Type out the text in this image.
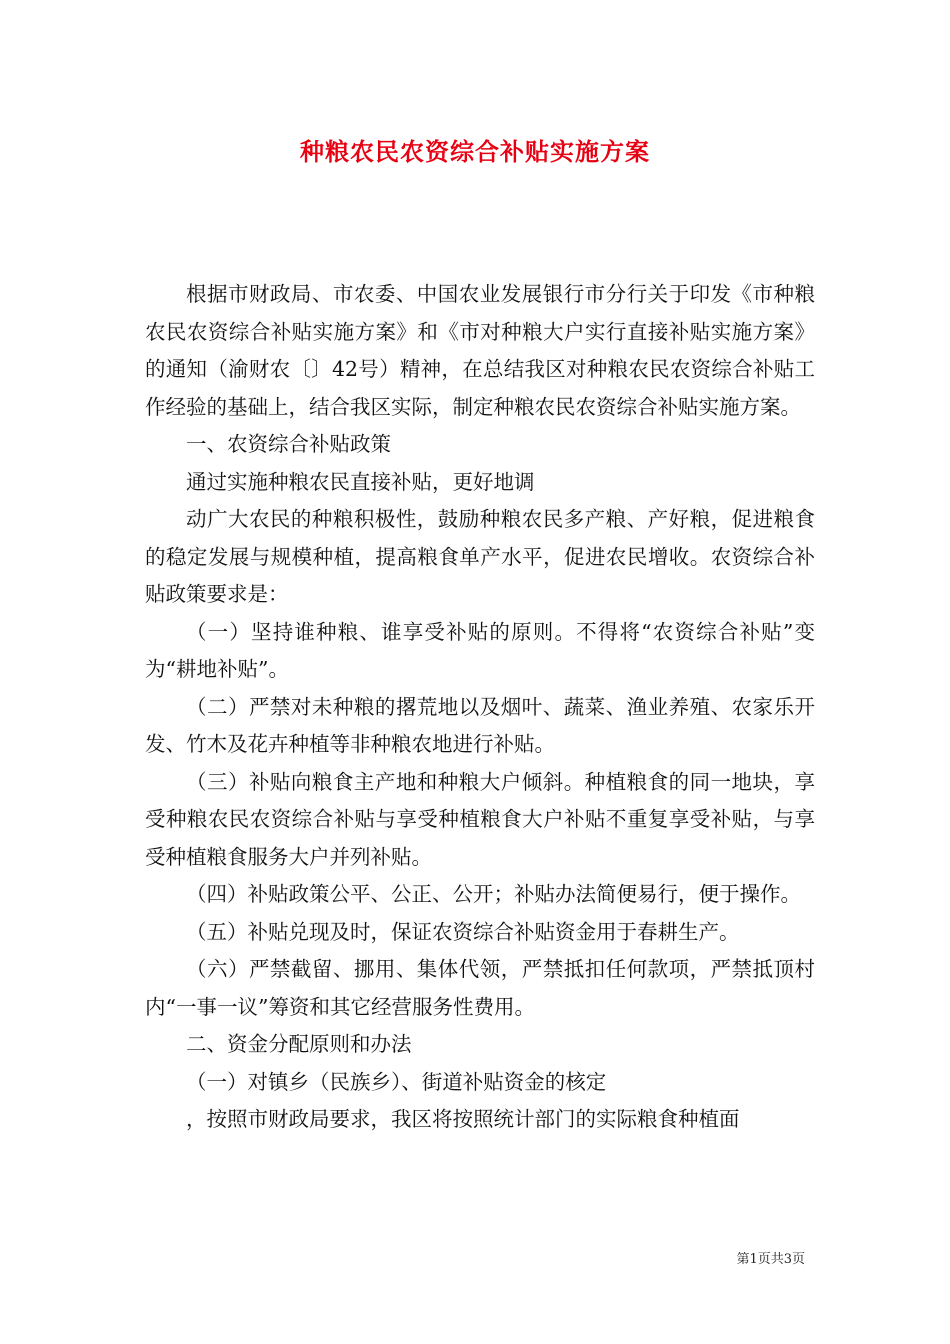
种粮农民农资综合补贴实施方案

根据市财政局、市农委、中国农业发展银行市分行关于印发《市种粮农民农资综合补贴实施方案》和《市对种粮大户实行直接补贴实施方案》的通知（渝财农〔〕42号）精神，在总结我区对种粮农民农资综合补贴工作经验的基础上，结合我区实际，制定种粮农民农资综合补贴实施方案。

一、农资综合补贴政策

通过实施种粮农民直接补贴，更好地调

动广大农民的种粮积极性，鼓励种粮农民多产粮、产好粮，促进粮食的稳定发展与规模种植，提高粮食单产水平，促进农民增收。农资综合补贴政策要求是：

（一）坚持谁种粮、谁享受补贴的原则。不得将“农资综合补贴”变为“耕地补贴”。

（二）严禁对未种粮的撂荒地以及烟叶、蔬菜、渔业养殖、农家乐开发、竹木及花卉种植等非种粮农地进行补贴。

（三）补贴向粮食主产地和种粮大户倾斜。种植粮食的同一地块，享受种粮农民农资综合补贴与享受种植粮食大户补贴不重复享受补贴，与享受种植粮食服务大户并列补贴。

（四）补贴政策公平、公正、公开；补贴办法简便易行，便于操作。

（五）补贴兑现及时，保证农资综合补贴资金用于春耕生产。

（六）严禁截留、挪用、集体代领，严禁抵扣任何款项，严禁抵顶村内“一事一议”筹资和其它经营服务性费用。

二、资金分配原则和办法

（一）对镇乡（民族乡）、街道补贴资金的核定

，按照市财政局要求，我区将按照统计部门的实际粮食种植面

第1页共3页
